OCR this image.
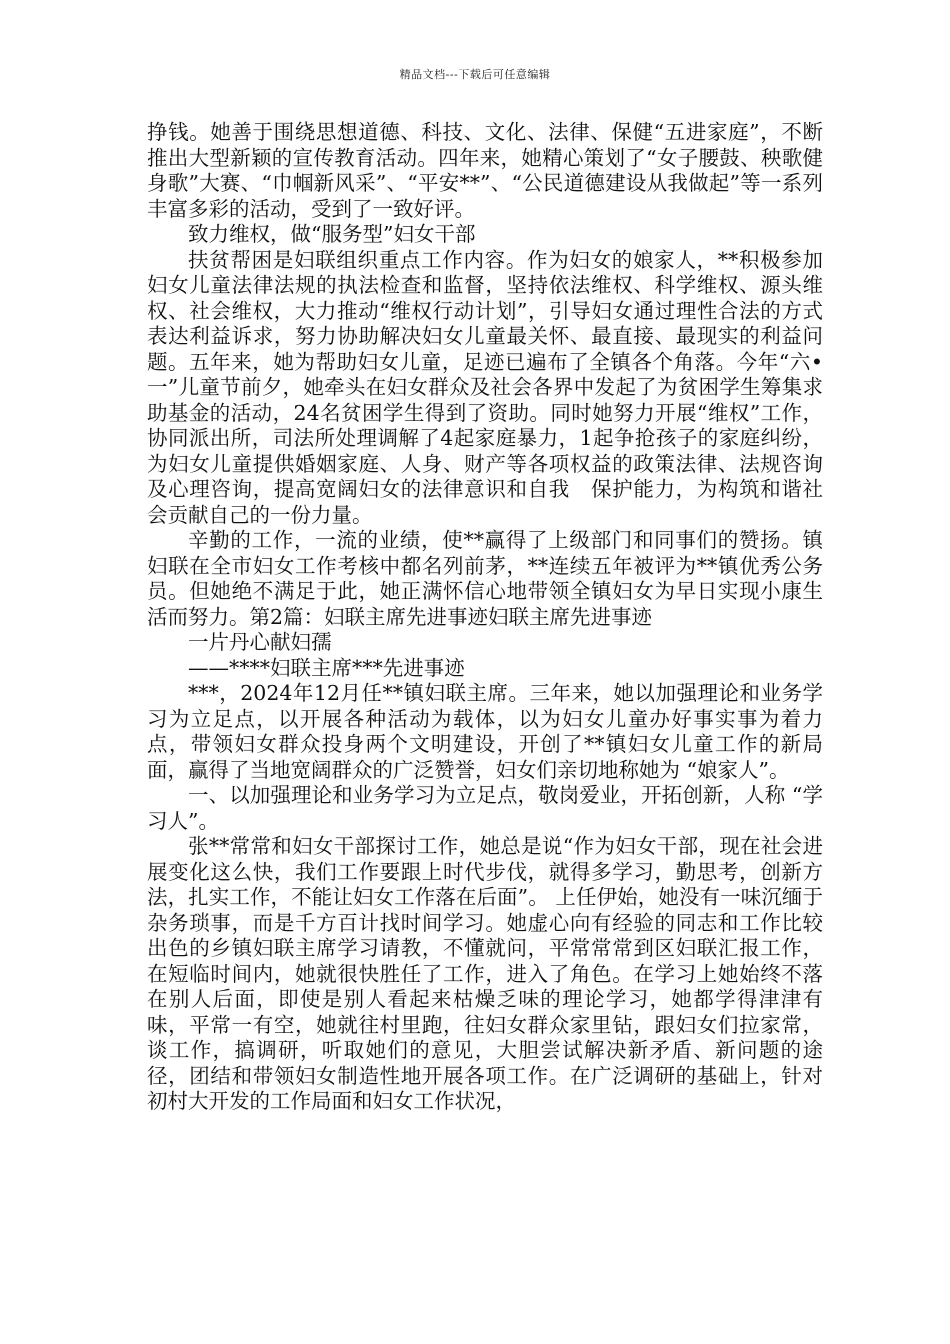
精品文档---下载后可任意编辑

挣钱。她善于围绕思想道德、科技、文化、法律、保健“五进家庭”，不断推出大型新颖的宣传教育活动。四年来，她精心策划了“女子腰鼓、秧歌健身歌”大赛、“巾帼新风采”、“平安**”、“公民道德建设从我做起”等一系列丰富多彩的活动，受到了一致好评。

致力维权，做“服务型”妇女干部

扶贫帮困是妇联组织重点工作内容。作为妇女的娘家人，**积极参加妇女儿童法律法规的执法检查和监督，坚持依法维权、科学维权、源头维权、社会维权，大力推动“维权行动计划”，引导妇女通过理性合法的方式表达利益诉求，努力协助解决妇女儿童最关怀、最直接、最现实的利益问题。五年来，她为帮助妇女儿童，足迹已遍布了全镇各个角落。今年“六•一”儿童节前夕，她牵头在妇女群众及社会各界中发起了为贫困学生筹集求助基金的活动，24名贫困学生得到了资助。同时她努力开展“维权”工作，协同派出所，司法所处理调解了4起家庭暴力，1起争抢孩子的家庭纠纷，为妇女儿童提供婚姻家庭、人身、财产等各项权益的政策法律、法规咨询及心理咨询，提高宽阔妇女的法律意识和自我　保护能力，为构筑和谐社会贡献自己的一份力量。

辛勤的工作，一流的业绩，使**赢得了上级部门和同事们的赞扬。镇妇联在全市妇女工作考核中都名列前茅，**连续五年被评为**镇优秀公务员。但她绝不满足于此，她正满怀信心地带领全镇妇女为早日实现小康生活而努力。第2篇：妇联主席先进事迹妇联主席先进事迹

一片丹心献妇孺

——****妇联主席***先进事迹

***，2024年12月任**镇妇联主席。三年来，她以加强理论和业务学习为立足点，以开展各种活动为载体，以为妇女儿童办好事实事为着力点，带领妇女群众投身两个文明建设，开创了**镇妇女儿童工作的新局面，赢得了当地宽阔群众的广泛赞誉，妇女们亲切地称她为 “娘家人”。

一、以加强理论和业务学习为立足点，敬岗爱业，开拓创新，人称 “学习人”。

张**常常和妇女干部探讨工作，她总是说“作为妇女干部，现在社会进展变化这么快，我们工作要跟上时代步伐，就得多学习，勤思考，创新方法，扎实工作，不能让妇女工作落在后面”。 上任伊始，她没有一味沉缅于杂务琐事，而是千方百计找时间学习。她虚心向有经验的同志和工作比较出色的乡镇妇联主席学习请教，不懂就问，平常常常到区妇联汇报工作，在短临时间内，她就很快胜任了工作，进入了角色。在学习上她始终不落在别人后面，即使是别人看起来枯燥乏味的理论学习，她都学得津津有味，平常一有空，她就往村里跑，往妇女群众家里钻，跟妇女们拉家常，谈工作，搞调研，听取她们的意见，大胆尝试解决新矛盾、新问题的途径，团结和带领妇女制造性地开展各项工作。在广泛调研的基础上，针对初村大开发的工作局面和妇女工作状况，
